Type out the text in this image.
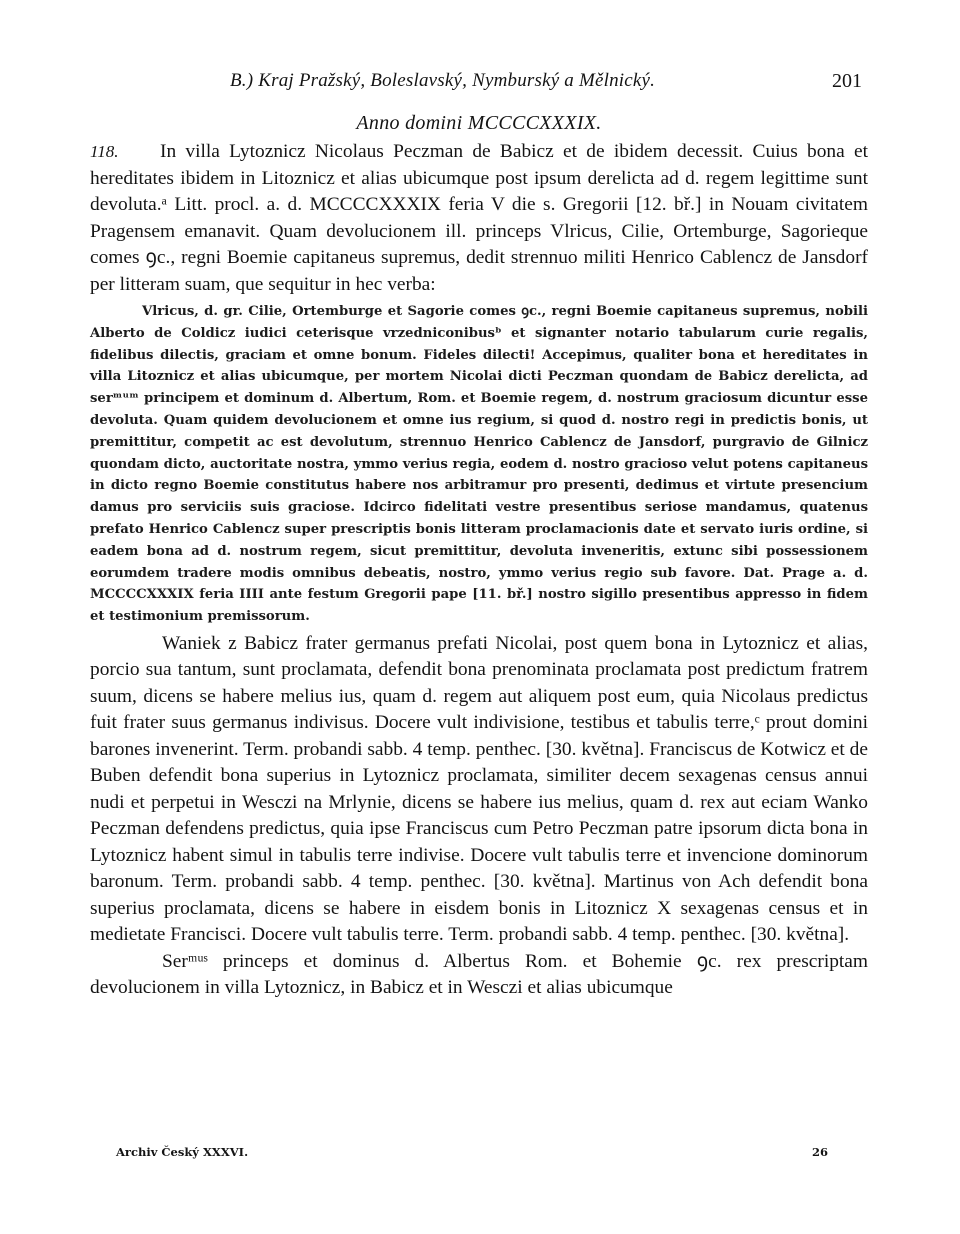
B.) Kraj Pražský, Boleslavský, Nymburský a Mělnický.	201
Anno domini MCCCCXXXIX.

118. In villa Lytoznicz Nicolaus Peczman de Babicz et de ibidem decessit. Cuius bona et hereditates ibidem in Litoznicz et alias ubicumque post ipsum derelicta ad d. regem legittime sunt devoluta.ᵃ Litt. procl. a. d. MCCCCXXXIX feria V die s. Gregorii [12. bř.] in Nouam civitatem Pragensem emanavit. Quam devolucionem ill. princeps Vlricus, Cilie, Ortemburge, Sagorieque comes ꝯc., regni Boemie capitaneus supremus, dedit strennuo militi Henrico Cablencz de Jansdorf per litteram suam, que sequitur in hec verba:

Vlricus, d. gr. Cilie, Ortemburge et Sagorie comes ꝯc., regni Boemie capitaneus supremus, nobili Alberto de Coldicz iudici ceterisque vrzedniconibusᵇ et signanter notario tabularum curie regalis, fidelibus dilectis, graciam et omne bonum. Fideles dilecti! Accepimus, qualiter bona et hereditates in villa Litoznicz et alias ubicumque, per mortem Nicolai dicti Peczman quondam de Babicz derelicta, ad serᵐᵘᵐ principem et dominum d. Albertum, Rom. et Boemie regem, d. nostrum graciosum dicuntur esse devoluta. Quam quidem devolucionem et omne ius regium, si quod d. nostro regi in predictis bonis, ut premittitur, competit ac est devolutum, strennuo Henrico Cablencz de Jansdorf, purgravio de Gilnicz quondam dicto, auctoritate nostra, ymmo verius regia, eodem d. nostro gracioso velut potens capitaneus in dicto regno Boemie constitutus habere nos arbitramur pro presenti, dedimus et virtute presencium damus pro serviciis suis graciose. Idcirco fidelitati vestre presentibus seriose mandamus, quatenus prefato Henrico Cablencz super prescriptis bonis litteram proclamacionis date et servato iuris ordine, si eadem bona ad d. nostrum regem, sicut premittitur, devoluta inveneritis, extunc sibi possessionem eorumdem tradere modis omnibus debeatis, nostro, ymmo verius regio sub favore. Dat. Prage a. d. MCCCCXXXIX feria IIII ante festum Gregorii pape [11. bř.] nostro sigillo presentibus appresso in fidem et testimonium premissorum.

Waniek z Babicz frater germanus prefati Nicolai, post quem bona in Lytoznicz et alias, porcio sua tantum, sunt proclamata, defendit bona prenominata proclamata post predictum fratrem suum, dicens se habere melius ius, quam d. regem aut aliquem post eum, quia Nicolaus predictus fuit frater suus germanus indivisus. Docere vult indivisione, testibus et tabulis terre,ᶜ prout domini barones invenerint. Term. probandi sabb. 4 temp. penthec. [30. května]. Franciscus de Kotwicz et de Buben defendit bona superius in Lytoznicz proclamata, similiter decem sexagenas census annui nudi et perpetui in Wesczi na Mrlynie, dicens se habere ius melius, quam d. rex aut eciam Wanko Peczman defendens predictus, quia ipse Franciscus cum Petro Peczman patre ipsorum dicta bona in Lytoznicz habent simul in tabulis terre indivise. Docere vult tabulis terre et invencione dominorum baronum. Term. probandi sabb. 4 temp. penthec. [30. května]. Martinus von Ach defendit bona superius proclamata, dicens se habere in eisdem bonis in Litoznicz X sexagenas census et in medietate Francisci. Docere vult tabulis terre. Term. probandi sabb. 4 temp. penthec. [30. května].

Serᵐᵘˢ princeps et dominus d. Albertus Rom. et Bohemie ꝯc. rex prescriptam devolucionem in villa Lytoznicz, in Babicz et in Wesczi et alias ubicumque

Archiv Český XXXVI.	26
